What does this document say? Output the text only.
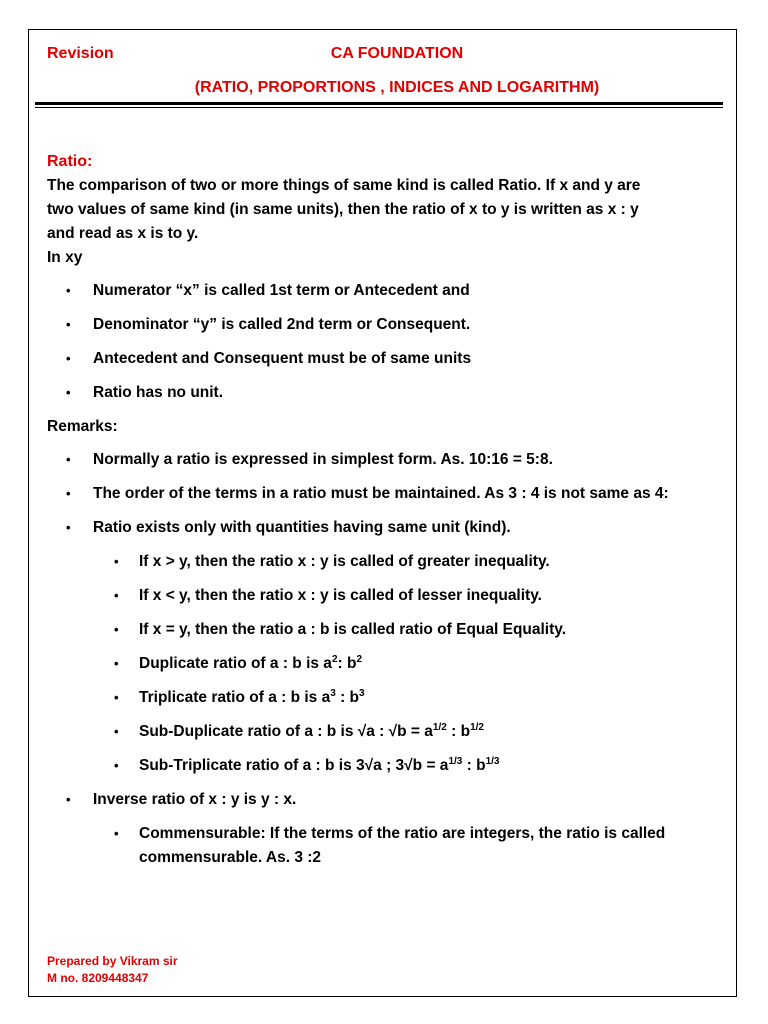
Revision	CA FOUNDATION
(RATIO, PROPORTIONS , INDICES AND LOGARITHM)

Ratio:

The comparison of two or more things of same kind is called Ratio. If x and y are
two values of same kind (in same units), then the ratio of x to y is written as x : y
and read as x is to y.
In xy

• Numerator “x” is called 1st term or Antecedent and
• Denominator “y” is called 2nd term or Consequent.
• Antecedent and Consequent must be of same units
• Ratio has no unit.

Remarks:

• Normally a ratio is expressed in simplest form. As. 10:16 = 5:8.
• The order of the terms in a ratio must be maintained. As 3 : 4 is not same as 4:
• Ratio exists only with quantities having same unit (kind).
• If x > y, then the ratio x : y is called of greater inequality.
• If x < y, then the ratio x : y is called of lesser inequality.
• If x = y, then the ratio a : b is called ratio of Equal Equality.
• Duplicate ratio of a : b is $a^2$: $b^2$
• Triplicate ratio of a : b is $a^3$ : $b^3$
• Sub-Duplicate ratio of a : b is √a : $√b = a^{1/2}$ : $b^{1/2}$
• Sub-Triplicate ratio of a : b is 3√a ; $3√b = a^{1/3}$ : $b^{1/3}$
• Inverse ratio of x : y is y : x.
• Commensurable: If the terms of the ratio are integers, the ratio is called
commensurable. As. 3 :2
Prepared by Vikram sir
M no. 8209448347
